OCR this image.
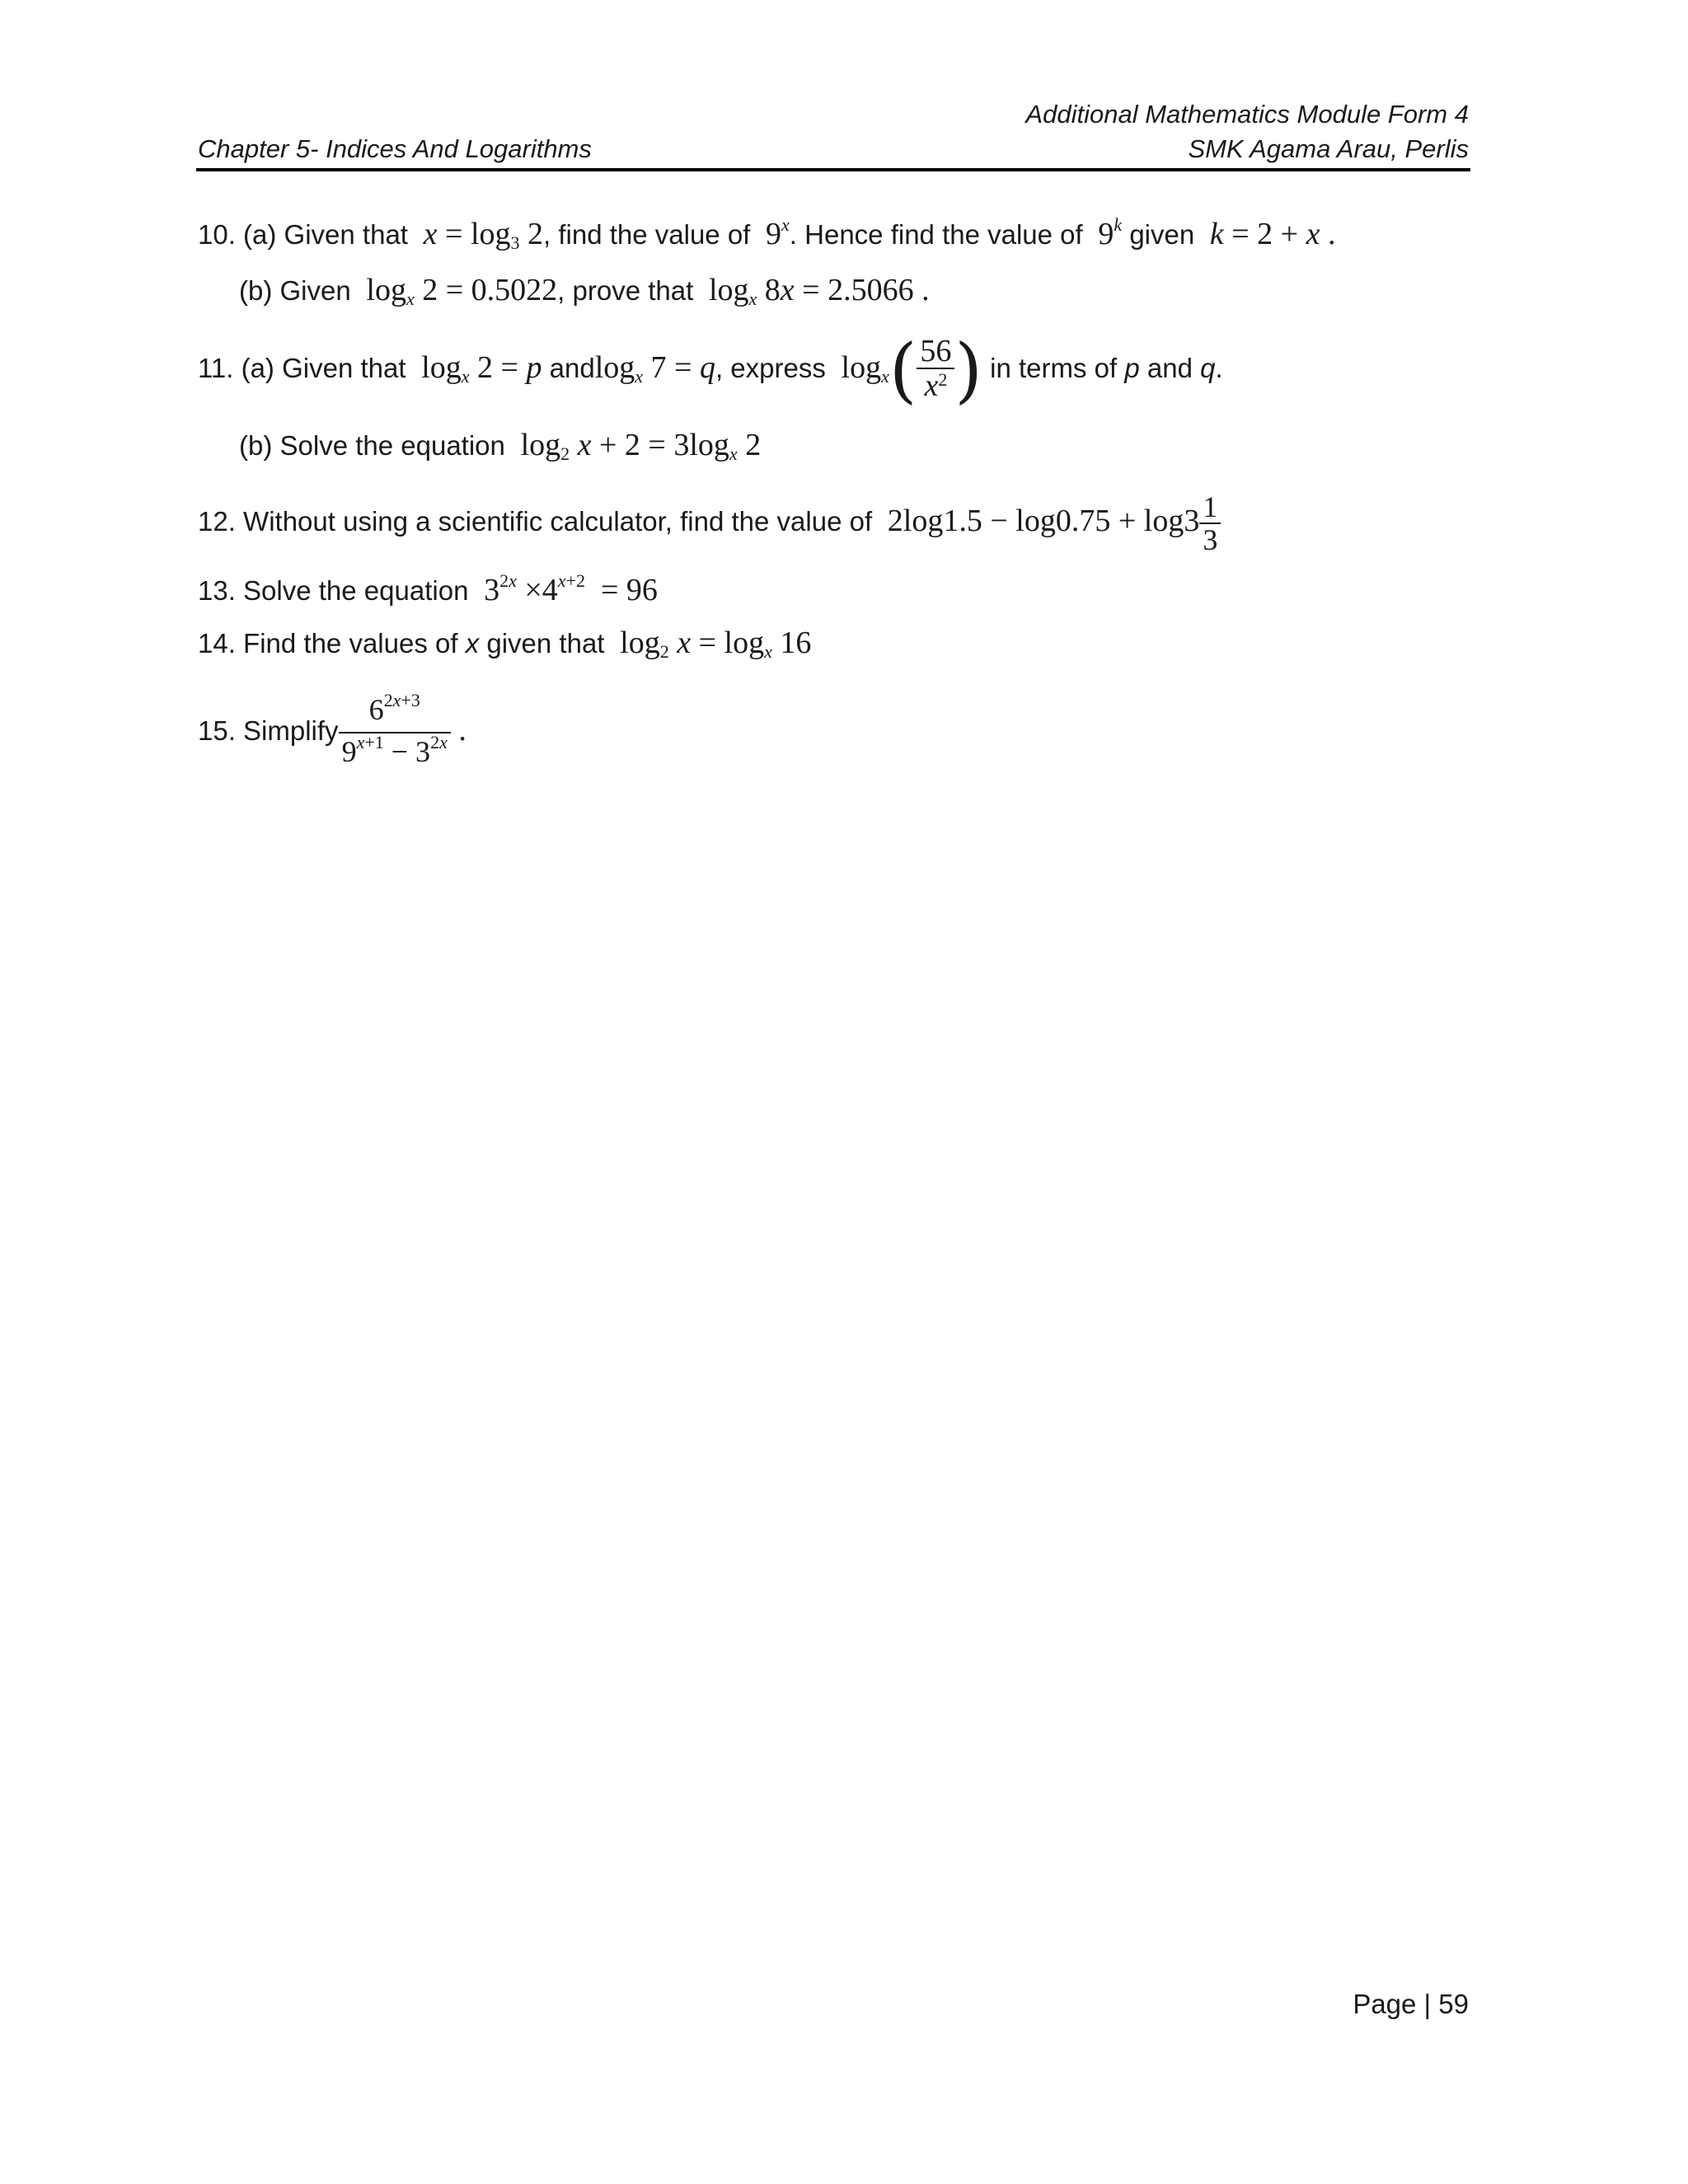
Additional Mathematics Module Form 4
SMK Agama Arau, Perlis
Chapter 5- Indices And Logarithms
10. (a) Given that $x = \log_3 2$, find the value of  9$^x$. Hence find the value of  9$^k$ given k = 2 + x .
(b) Given  $\log_x 2 = 0.5022$, prove that  $\log_x 8x = 2.5066$ .
11. (a) Given that  $\log_x 2 = p$ andlog$_x$ 7 = q, express  $\log_x( \frac{56}{x^2}$ ) in terms of p and q.
(b) Solve the equation  $\log_2 x + 2 = 3\log_x$ 2
12. Without using a scientific calculator, find the value of  $2\log 1.5 - \log 0.75 + \log 3 \frac{1}{3}$
13. Solve the equation  $3^{2x} \times 4^{x+2} = 96$
14. Find the values of x given that  $\log_2 x = \log_x 16$
15. Simplify $\frac{6^{2x+3}}{9^{x+1} - 3^{2x}}$ .
Page | 59
